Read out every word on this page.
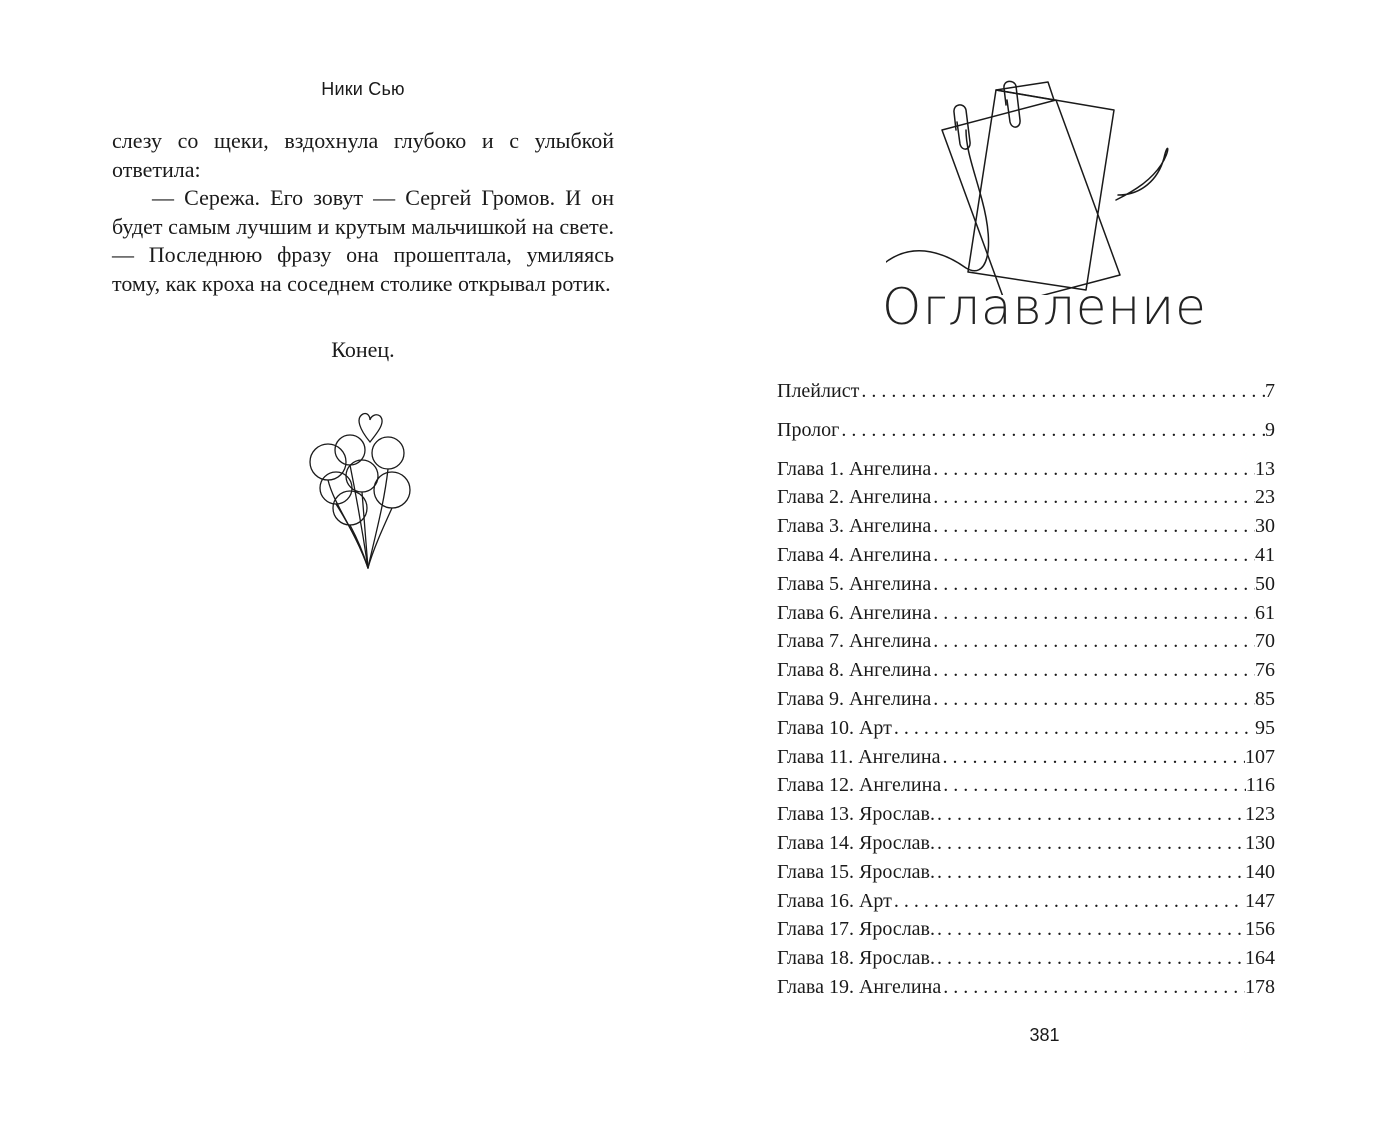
Ники Сью

слезу со щеки, вздохнула глубоко и с улыбкой ответила:

— Сережа. Его зовут — Сергей Громов. И он будет самым лучшим и крутым мальчишкой на свете. — Последнюю фразу она прошептала, умиляясь тому, как кроха на соседнем столике открывал ротик.

Конец.
Оглавление
Плейлист . . .	7
Пролог . . .	9
Глава 1. Ангелина . . .	13
Глава 2. Ангелина . . .	23
Глава 3. Ангелина . . .	30
Глава 4. Ангелина . . .	41
Глава 5. Ангелина . . .	50
Глава 6. Ангелина . . .	61
Глава 7. Ангелина . . .	70
Глава 8. Ангелина . . .	76
Глава 9. Ангелина . . .	85
Глава 10. Арт . . .	95
Глава 11. Ангелина . . .	107
Глава 12. Ангелина . . .	116
Глава 13. Ярослав. . . .	123
Глава 14. Ярослав. . . .	130
Глава 15. Ярослав. . . .	140
Глава 16. Арт . . .	147
Глава 17. Ярослав. . . .	156
Глава 18. Ярослав. . . .	164
Глава 19. Ангелина . . .	178
381
